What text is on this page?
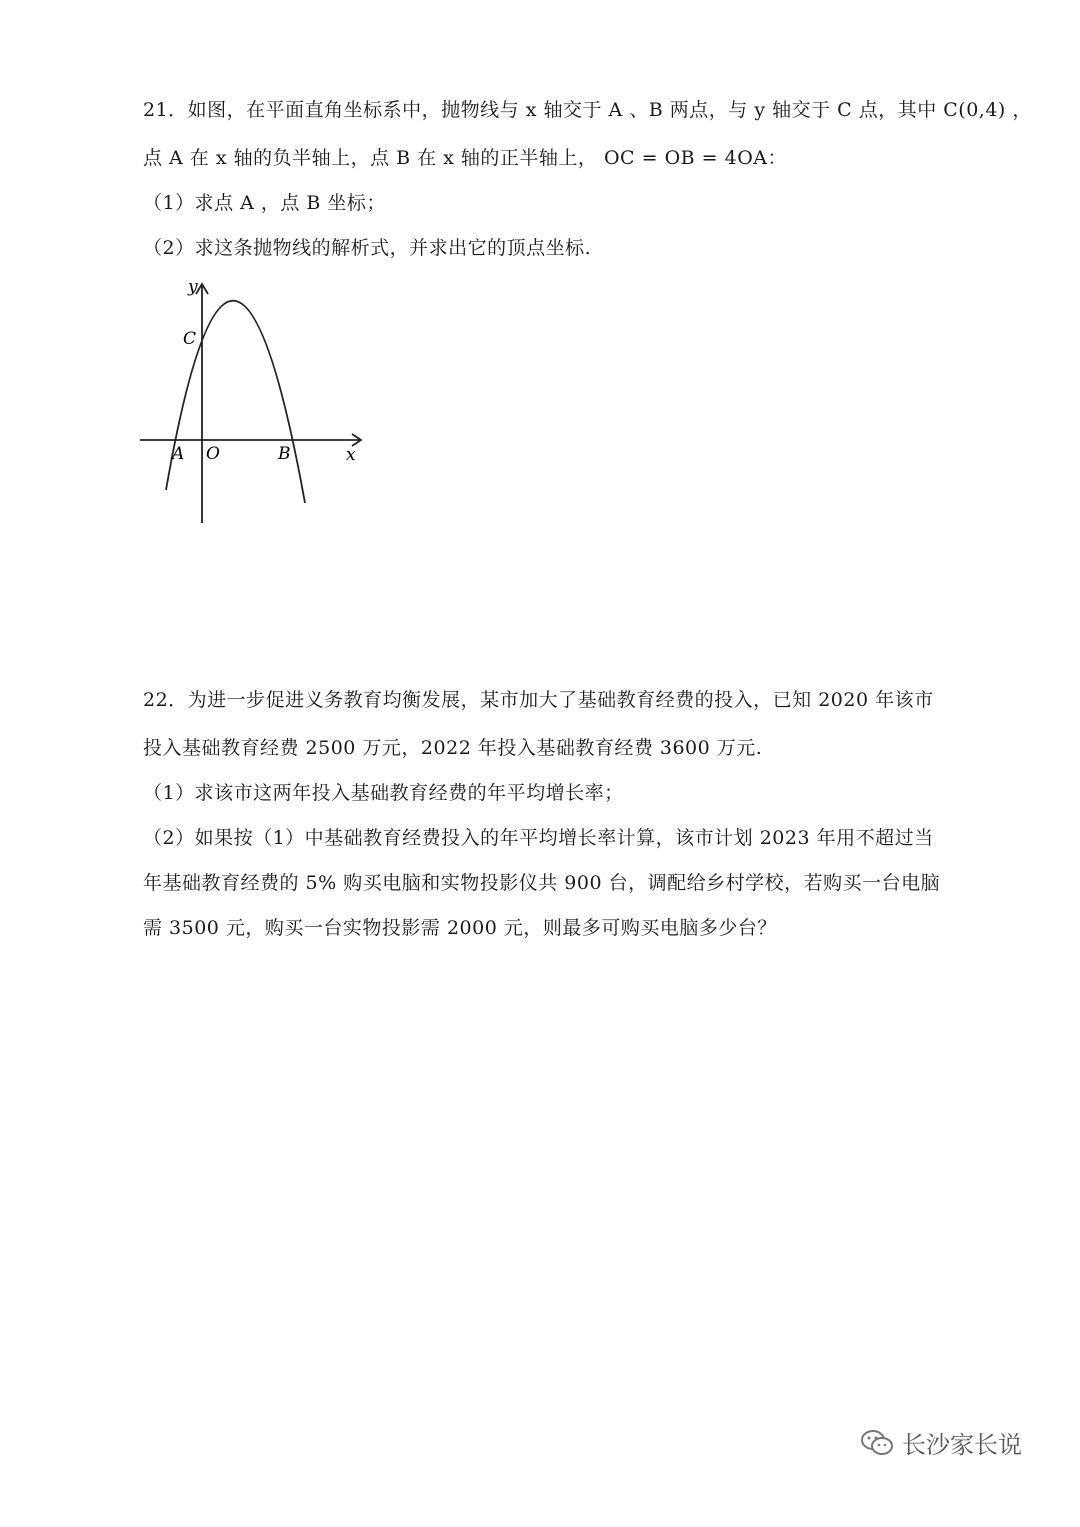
21．如图，在平面直角坐标系中，抛物线与 x 轴交于 A 、B 两点，与 y 轴交于 C 点，其中 C(0,4) ，
点 A 在 x 轴的负半轴上，点 B 在 x 轴的正半轴上， OC = OB = 4OA：
（1）求点 A ，点 B 坐标；
（2）求这条抛物线的解析式，并求出它的顶点坐标.
y
x
C
A O	B
22．为进一步促进义务教育均衡发展，某市加大了基础教育经费的投入，已知 2020 年该市
投入基础教育经费 2500 万元，2022 年投入基础教育经费 3600 万元.
（1）求该市这两年投入基础教育经费的年平均增长率；
（2）如果按（1）中基础教育经费投入的年平均增长率计算，该市计划 2023 年用不超过当
年基础教育经费的 5% 购买电脑和实物投影仪共 900 台，调配给乡村学校，若购买一台电脑
需 3500 元，购买一台实物投影需 2000 元，则最多可购买电脑多少台？
长沙家长说
